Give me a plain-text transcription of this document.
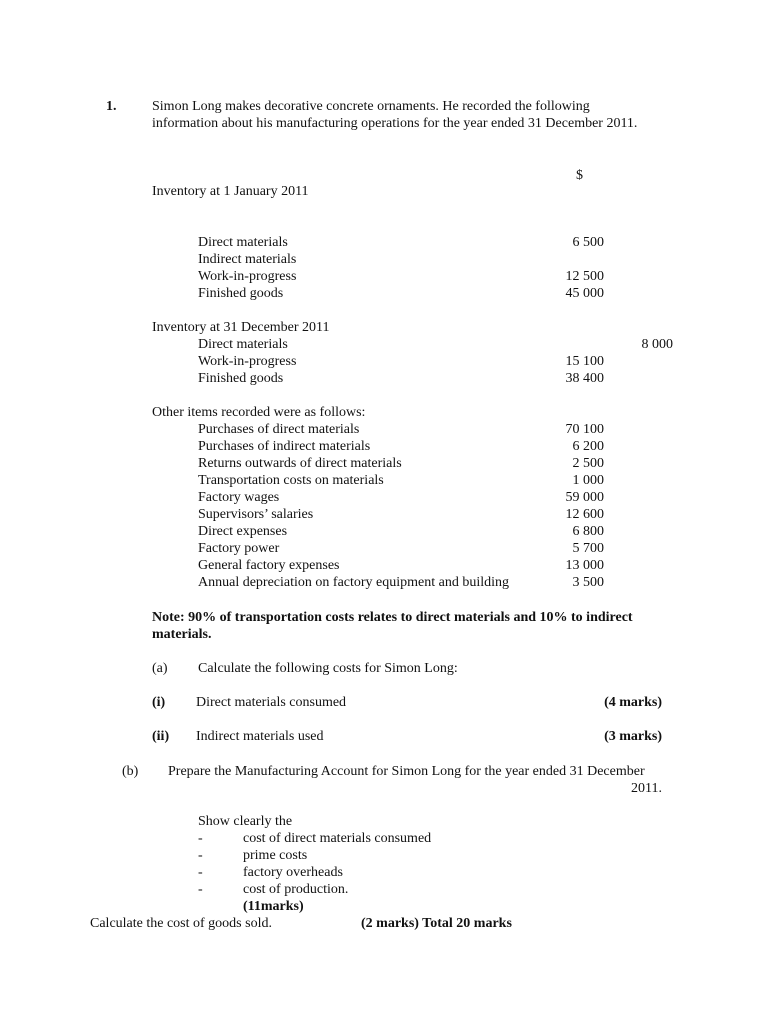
1.	Simon Long makes decorative concrete ornaments. He recorded the following
information about his manufacturing operations for the year ended 31 December 2011.
$
Inventory at 1 January 2011
Direct materials	6 500
Indirect materials
Work-in-progress	12 500
Finished goods	45 000
Inventory at 31 December 2011
Direct materials	8 000
Work-in-progress	15 100
Finished goods	38 400
Other items recorded were as follows:
Purchases of direct materials	70 100
Purchases of indirect materials	6 200
Returns outwards of direct materials	2 500
Transportation costs on materials	1 000
Factory wages	59 000
Supervisors’ salaries	12 600
Direct expenses	6 800
Factory power	5 700
General factory expenses	13 000
Annual depreciation on factory equipment and building	3 500
Note: 90% of transportation costs relates to direct materials and 10% to indirect
materials.
(a) Calculate the following costs for Simon Long:
(i) Direct materials consumed	(4 marks)
(ii) Indirect materials used	(3 marks)
(b) Prepare the Manufacturing Account for Simon Long for the year ended 31 December
2011.
Show clearly the
-	cost of direct materials consumed
-	prime costs
-	factory overheads
-	cost of production.
(11marks)
Calculate the cost of goods sold.	(2 marks) Total 20 marks
